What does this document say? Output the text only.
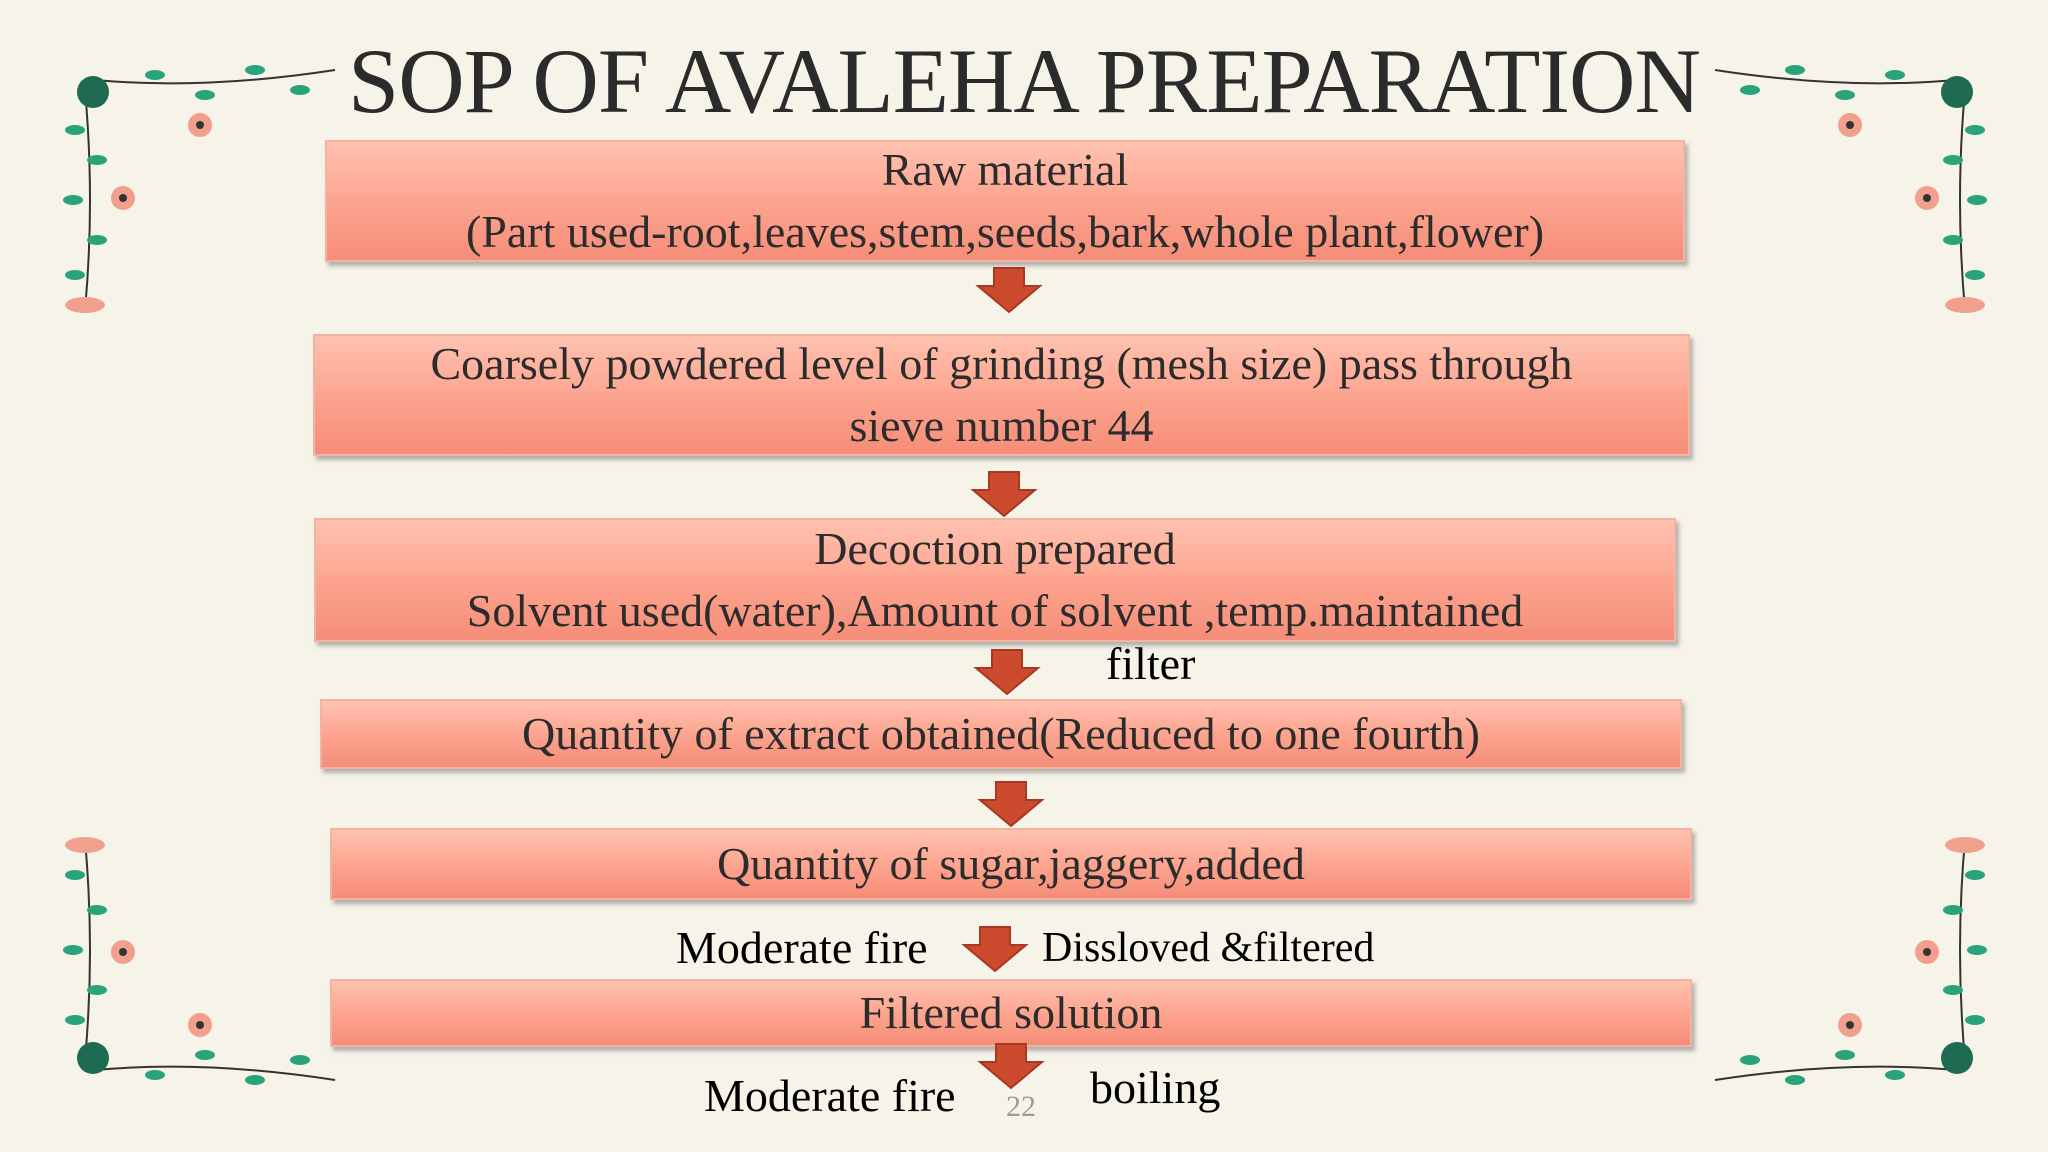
SOP OF AVALEHA PREPARATION
Raw material
(Part used-root,leaves,stem,seeds,bark,whole plant,flower)
Coarsely powdered level of grinding (mesh size) pass through
sieve number 44
Decoction prepared
Solvent used(water),Amount of solvent ,temp.maintained
Quantity of extract obtained(Reduced to one fourth)
Quantity of sugar,jaggery,added
Filtered solution
filter
Moderate fire	Dissloved &filtered
Moderate fire	boiling
22
